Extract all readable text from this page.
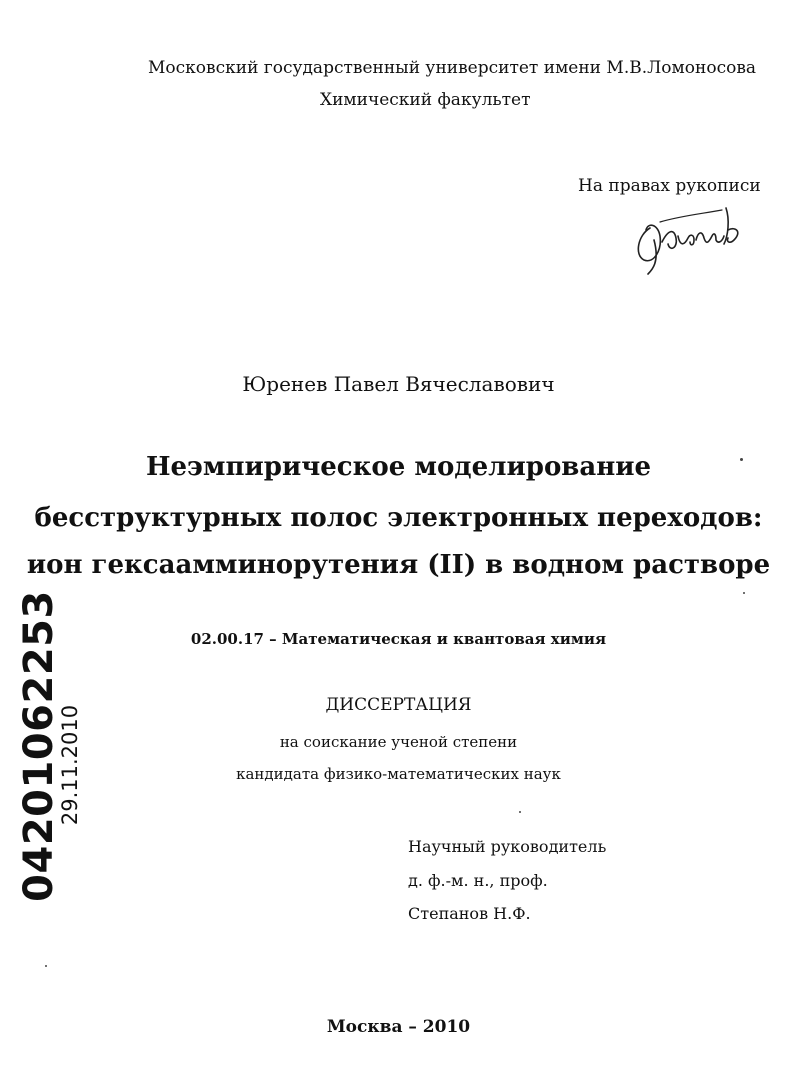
Московский государственный университет имени М.В.Ломоносова
Химический факультет
На правах рукописи
Юренев Павел Вячеславович
Неэмпирическое моделирование
бесструктурных полос электронных переходов:
ион гексаамминорутения (II) в водном растворе
02.00.17 – Математическая и квантовая химия
ДИССЕРТАЦИЯ
на соискание ученой степени
кандидата физико-математических наук
Научный руководитель
д. ф.-м. н., проф.
Степанов Н.Ф.
Москва – 2010
04201062253
29.11.2010
